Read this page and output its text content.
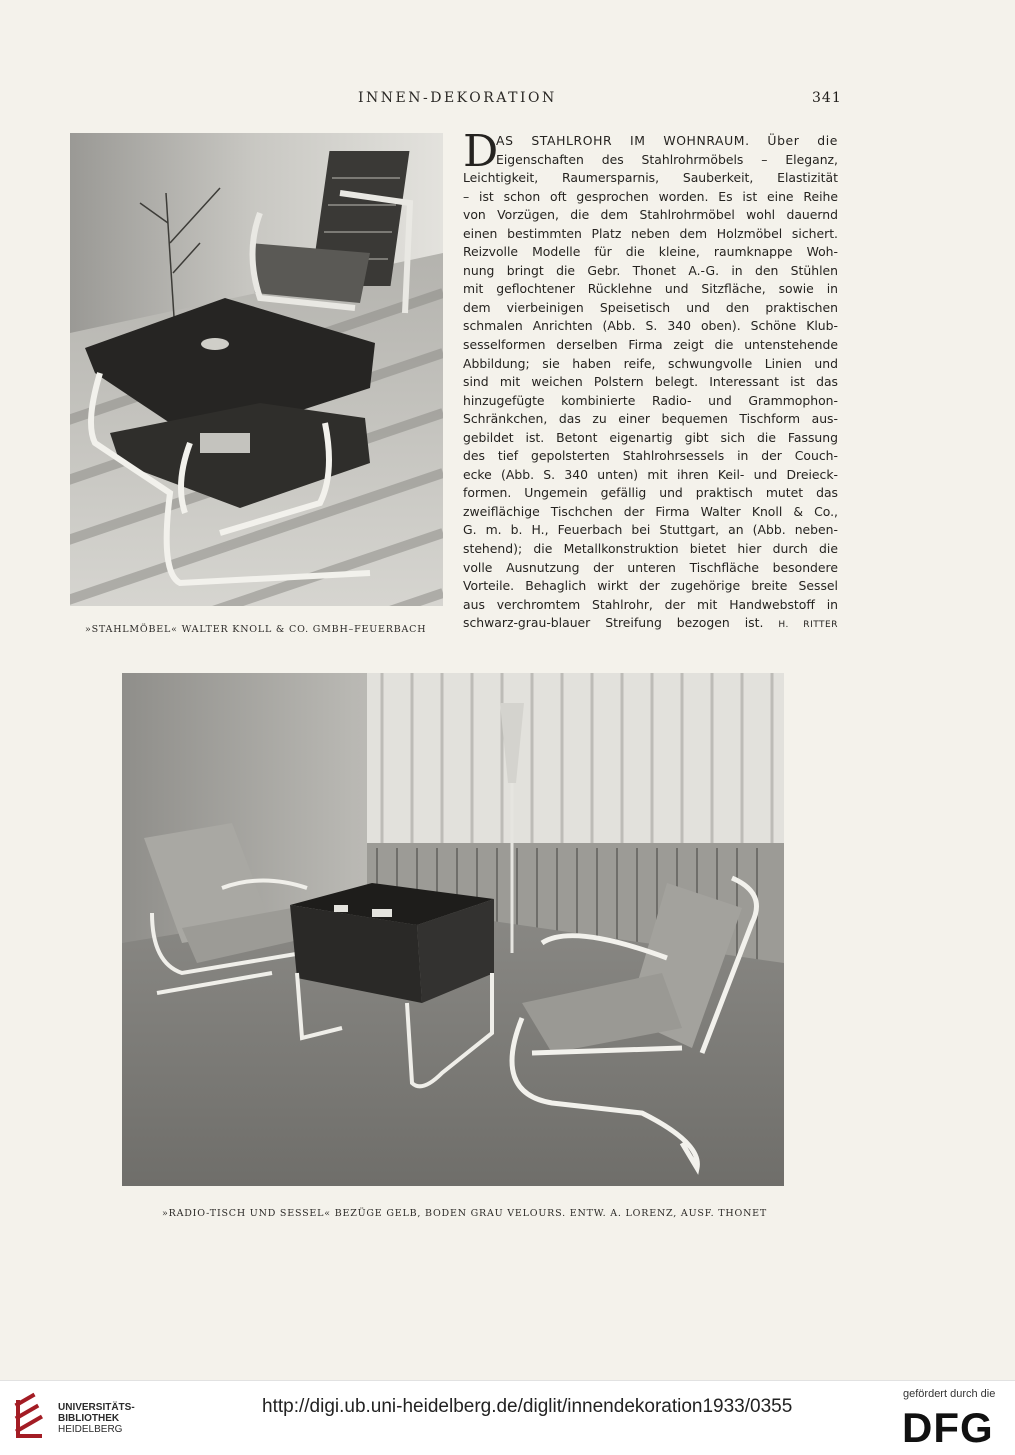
INNEN-DEKORATION	341
»STAHLMÖBEL« WALTER KNOLL & CO. GMBH–FEUERBACH
D
AS STAHLROHR IM WOHNRAUM. Über die
Eigenschaften des Stahlrohrmöbels – Eleganz,
Leichtigkeit, Raumersparnis, Sauberkeit, Elastizität
– ist schon oft gesprochen worden. Es ist eine Reihe
von Vorzügen, die dem Stahlrohrmöbel wohl dauernd
einen bestimmten Platz neben dem Holzmöbel sichert.
Reizvolle Modelle für die kleine, raumknappe Woh-
nung bringt die Gebr. Thonet A.-G. in den Stühlen
mit geflochtener Rücklehne und Sitzfläche, sowie in
dem vierbeinigen Speisetisch und den praktischen
schmalen Anrichten (Abb. S. 340 oben). Schöne Klub-
sesselformen derselben Firma zeigt die untenstehende
Abbildung; sie haben reife, schwungvolle Linien und
sind mit weichen Polstern belegt. Interessant ist das
hinzugefügte kombinierte Radio- und Grammophon-
Schränkchen, das zu einer bequemen Tischform aus-
gebildet ist. Betont eigenartig gibt sich die Fassung
des tief gepolsterten Stahlrohrsessels in der Couch-
ecke (Abb. S. 340 unten) mit ihren Keil- und Dreieck-
formen. Ungemein gefällig und praktisch mutet das
zweiflächige Tischchen der Firma Walter Knoll & Co.,
G. m. b. H., Feuerbach bei Stuttgart, an (Abb. neben-
stehend); die Metallkonstruktion bietet hier durch die
volle Ausnutzung der unteren Tischfläche besondere
Vorteile. Behaglich wirkt der zugehörige breite Sessel
aus verchromtem Stahlrohr, der mit Handwebstoff in
schwarz-grau-blauer Streifung bezogen ist. H. RITTER
»RADIO-TISCH UND SESSEL« BEZÜGE GELB, BODEN GRAU VELOURS. ENTW. A. LORENZ, AUSF. THONET
UNIVERSITÄTS-
BIBLIOTHEK
HEIDELBERG
http://digi.ub.uni-heidelberg.de/diglit/innendekoration1933/0355
gefördert durch die
DFG
